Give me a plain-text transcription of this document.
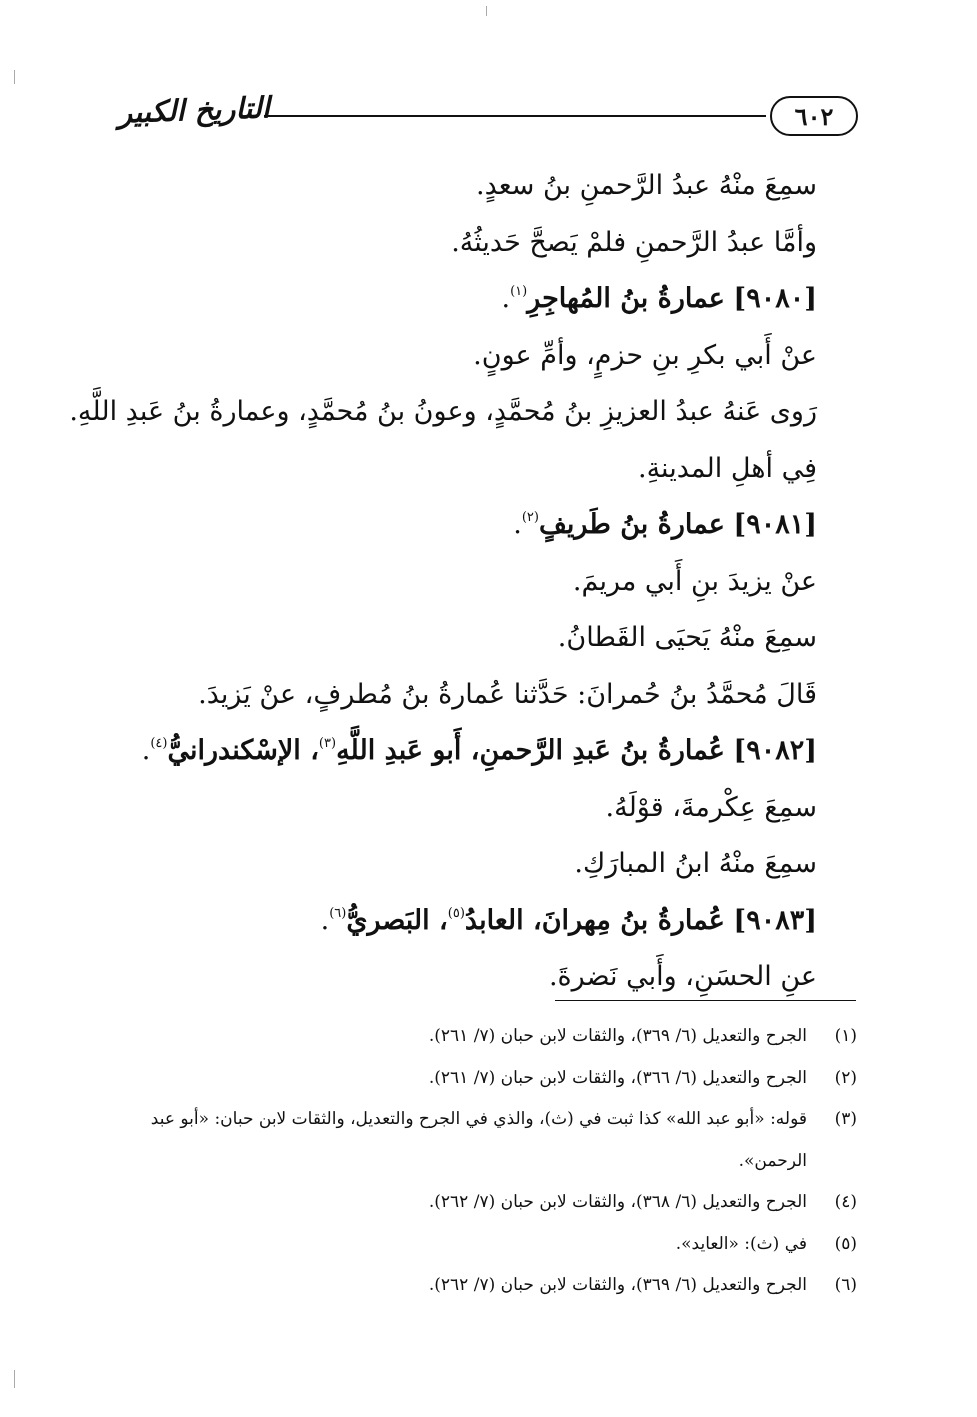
٦٠٢
التاريخ الكبير
سمِعَ منْهُ عبدُ الرَّحمنِ بنُ سعدٍ.
وأمَّا عبدُ الرَّحمنِ فلمْ يَصحَّ حَديثُهُ.
[٩٠٨٠] عمارةُ بنُ المُهاجِرِ$^{(١)}$.
عنْ أَبي بكرِ بنِ حزمٍ، وأمِّ عونٍ.
رَوى عَنهُ عبدُ العزيزِ بنُ مُحمَّدٍ، وعونُ بنُ مُحمَّدٍ، وعمارةُ بنُ عَبدِ اللَّهِ.
فِي أهلِ المدينةِ.
[٩٠٨١] عمارةُ بنُ طَريفٍ$^{(٢)}$.
عنْ يزيدَ بنِ أَبي مريمَ.
سمِعَ منْهُ يَحيَى القَطانُ.
قَالَ مُحمَّدُ بنُ حُمرانَ: حَدَّثنا عُمارةُ بنُ مُطرفٍ، عنْ يَزيدَ.
[٩٠٨٢] عُمارةُ بنُ عَبدِ الرَّحمنِ، أَبو عَبدِ اللَّهِ$^{(٣)}$، الإسْكندرانيُّ$^{(٤)}$.
سمِعَ عِكْرمةَ، قوْلَهُ.
سمِعَ منْهُ ابنُ المبارَكِ.
[٩٠٨٣] عُمارةُ بنُ مِهرانَ، العابدُ$^{(٥)}$، البَصريُّ$^{(٦)}$.
عنِ الحسَنِ، وأَبي نَضرةَ.
(١)
الجرح والتعديل (٦/ ٣٦٩)، والثقات لابن حبان (٧/ ٢٦١).
(٢)
الجرح والتعديل (٦/ ٣٦٦)، والثقات لابن حبان (٧/ ٢٦١).
(٣)
قوله: «أبو عبد الله» كذا ثبت في (ث)، والذي في الجرح والتعديل، والثقات لابن حبان: «أبو عبد الرحمن».
(٤)
الجرح والتعديل (٦/ ٣٦٨)، والثقات لابن حبان (٧/ ٢٦٢).
(٥)
في (ث): «العايد».
(٦)
الجرح والتعديل (٦/ ٣٦٩)، والثقات لابن حبان (٧/ ٢٦٢).
